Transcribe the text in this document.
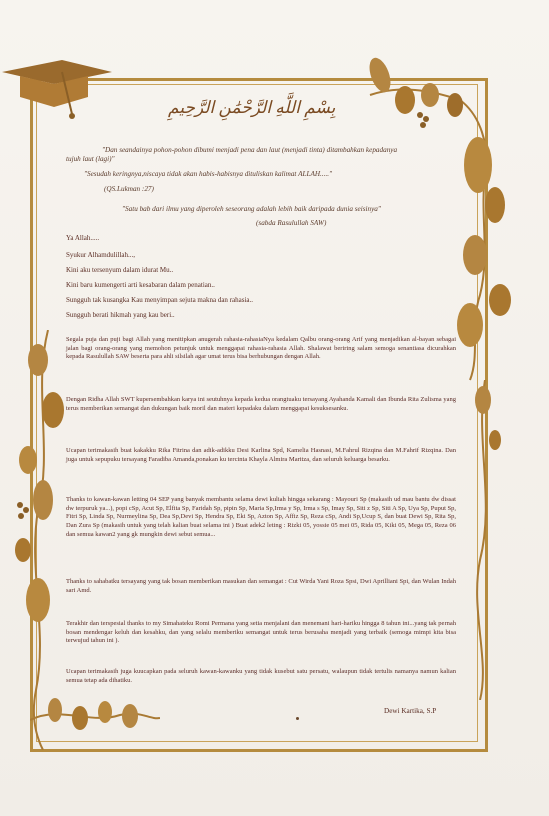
بِسْمِ اللَّهِ الرَّحْمَٰنِ الرَّحِيمِ
"Dan seandainya pohon-pohon dibumi menjadi pena dan laut (menjadi tinta) ditambahkan kepadanya
tujuh laut (lagi)"
"Sesudah keringnya,niscaya tidak akan habis-habisnya dituliskan kalimat ALLAH....."
(QS.Lukman :27)
"Satu bab dari ilmu yang diperoleh seseorang adalah lebih baik daripada dunia seisinya"
(sabda Rasulullah SAW)
Ya Allah.....
Syukur Alhamdulillah...,
Kini aku tersenyum dalam idurat Mu..
Kini baru kumengerti arti kesabaran dalam penatian..
Sungguh tak kusangka Kau menyimpan sejuta makna dan rahasia..
Sungguh berati hikmah yang kau beri..
Segala puja dan puji bagi Allah yang menitipkan anugerah rahasia-rahasiaNya kedalam Qalbu orang-orang Arif yang menjadikan al-bayan sebagai jalan bagi orang-orang yang memohon petunjuk untuk menggapai rahasia-rahasia Allah. Shalawat beriring salam semoga senantiasa dicurahkan kepada Rasulullah SAW beserta para ahli silsilah agar umat terus bisa berhubungan dengan Allah.
Dengan Ridha Allah SWT kupersembahkan karya ini seutuhnya kepada kedua orangtuaku tersayang Ayahanda Kamali dan Ibunda Rita Zulisma yang terus memberikan semangat dan dukungan baik moril dan materi kepadaku dalam menggapai kesuksesanku.
Ucapan terimakasih buat kakakku Rika Fitrina dan adik-adikku Desi Karlina Spd, Kamelia Hasnasi, M.Fahrul Rizqina dan M.Fahrif Rizqina. Dan juga untuk sepupuku tersayang Faradiba Amanda,ponakan ku tercinta Khayla Almira Maritza, dan seluruh keluarga besarku.
Thanks to kawan-kawan letting 04 SEP yang banyak membantu selama dewi kuliah hingga sekarang : Mayouri Sp (makasih ud mau bantu dw dissat dw terpuruk ya...), popi cSp, Acut Sp, Elfita Sp, Faridah Sp, pipin Sp, Maria Sp,Irma y Sp, Irma s Sp, Imay Sp, Siti z Sp, Siti A Sp, Uya Sp, Puput Sp, Fitri Sp, Linda Sp, Nurmeylina Sp, Dea Sp,Devi Sp, Hendra Sp, Eki Sp, Azton Sp, Affiz Sp, Reza cSp, Andi Sp,Ucup S, dan buat Dewi Sp, Rita Sp, Dan Zura Sp (makasih untuk yang telah kalian buat selama ini ) Buat adek2 leting : Rizki 05, yossie 05 mei 05, Rida 05, Kiki 05, Mega 05, Reza 06 dan semua kawan2 yang gk mungkin dewi sebut semua...
Thanks to sahabatku tersayang yang tak bosan memberikan masukan dan semangat : Cut Wirda Yani Roza Spsi, Dwi Aprilliani Spi, dan Wulan Indah sari Amd.
Terakhir dan terspesial thanks to my Simahateku Romi Permana yang setia menjalani dan menemani hari-hariku hingga 8 tahun ini...yang tak pernah bosan mendengar keluh dan kesahku, dan yang selalu memberiku semangat untuk terus berusaha menjadi yang terbaik (semoga mimpi kita bisa terwujud tahun ini ).
Ucapan terimakasih juga kuucapkan pada seluruh kawan-kawanku yang tidak kusebut satu persatu, walaupun tidak tertulis namanya namun kalian semua tetap ada dihatiku.
Dewi Kartika, S.P
